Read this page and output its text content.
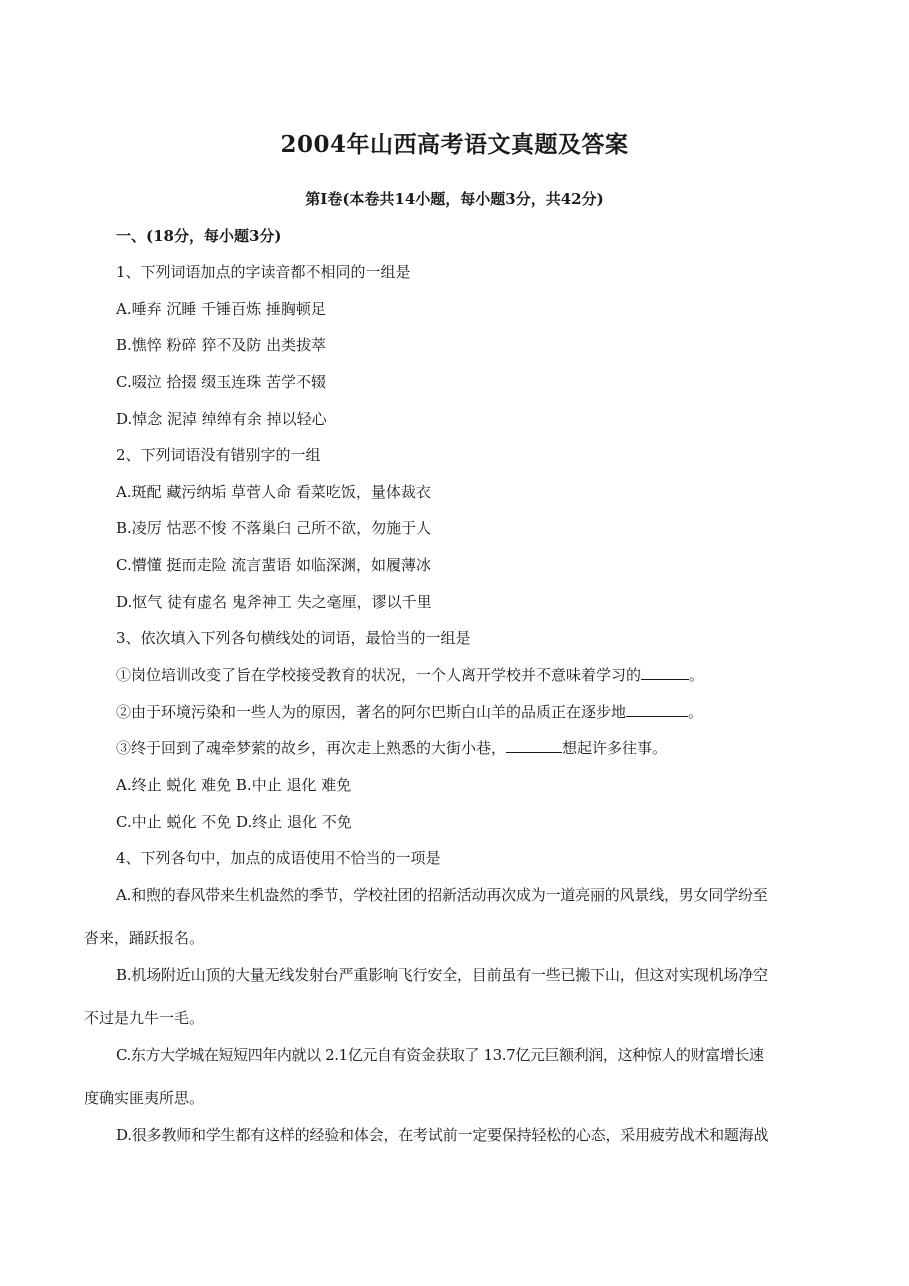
2004年山西高考语文真题及答案
第Ⅰ卷(本卷共14小题，每小题3分，共42分)
一、(18分，每小题3分)
1、下列词语加点的字读音都不相同的一组是
A.唾弃 沉睡 千锤百炼 捶胸顿足
B.憔悴 粉碎 猝不及防 出类拔萃
C.啜泣 拾掇 缀玉连珠 苦学不辍
D.悼念 泥淖 绰绰有余 掉以轻心
2、下列词语没有错别字的一组
A.斑配 藏污纳垢 草菅人命 看菜吃饭，量体裁衣
B.凌厉 怙恶不悛 不落巢臼 己所不欲，勿施于人
C.懵懂 挺而走险 流言蜚语 如临深渊，如履薄冰
D.怄气 徒有虚名 鬼斧神工 失之毫厘，谬以千里
3、依次填入下列各句横线处的词语，最恰当的一组是
①岗位培训改变了旨在学校接受教育的状况，一个人离开学校并不意味着学习的	。
②由于环境污染和一些人为的原因，著名的阿尔巴斯白山羊的品质正在逐步地	。
③终于回到了魂牵梦萦的故乡，再次走上熟悉的大街小巷，	想起许多往事。
A.终止 蜕化 难免 B.中止 退化 难免
C.中止 蜕化 不免 D.终止 退化 不免
4、下列各句中，加点的成语使用不恰当的一项是
A.和煦的春风带来生机盎然的季节，学校社团的招新活动再次成为一道亮丽的风景线，男女同学纷至
沓来，踊跃报名。
B.机场附近山顶的大量无线发射台严重影响飞行安全，目前虽有一些已搬下山，但这对实现机场净空
不过是九牛一毛。
C.东方大学城在短短四年内就以 2.1亿元自有资金获取了 13.7亿元巨额利润，这种惊人的财富增长速
度确实匪夷所思。
D.很多教师和学生都有这样的经验和体会，在考试前一定要保持轻松的心态，采用疲劳战术和题海战
